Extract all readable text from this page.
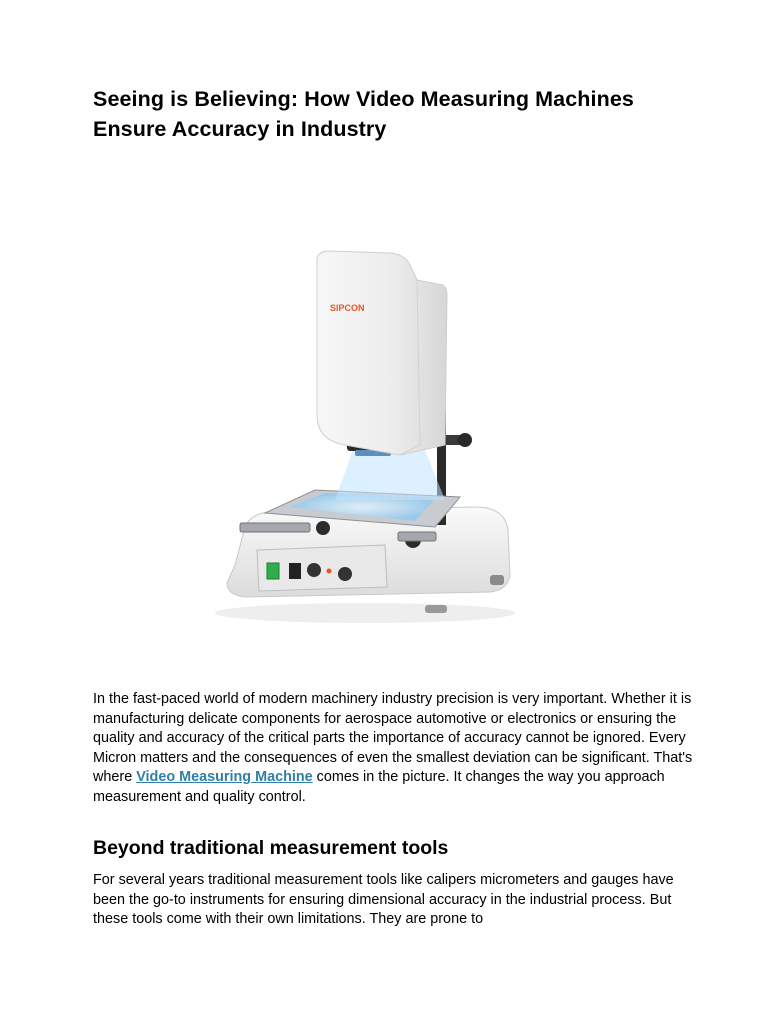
Seeing is Believing: How Video Measuring Machines Ensure Accuracy in Industry
SIPCON

In the fast-paced world of modern machinery industry precision is very important. Whether it is manufacturing delicate components for aerospace automotive or electronics or ensuring the quality and accuracy of the critical parts the importance of accuracy cannot be ignored. Every Micron matters and the consequences of even the smallest deviation can be significant. That's where Video Measuring Machine comes in the picture. It changes the way you approach measurement and quality control.

Beyond traditional measurement tools

For several years traditional measurement tools like calipers micrometers and gauges have been the go-to instruments for ensuring dimensional accuracy in the industrial process. But these tools come with their own limitations. They are prone to
